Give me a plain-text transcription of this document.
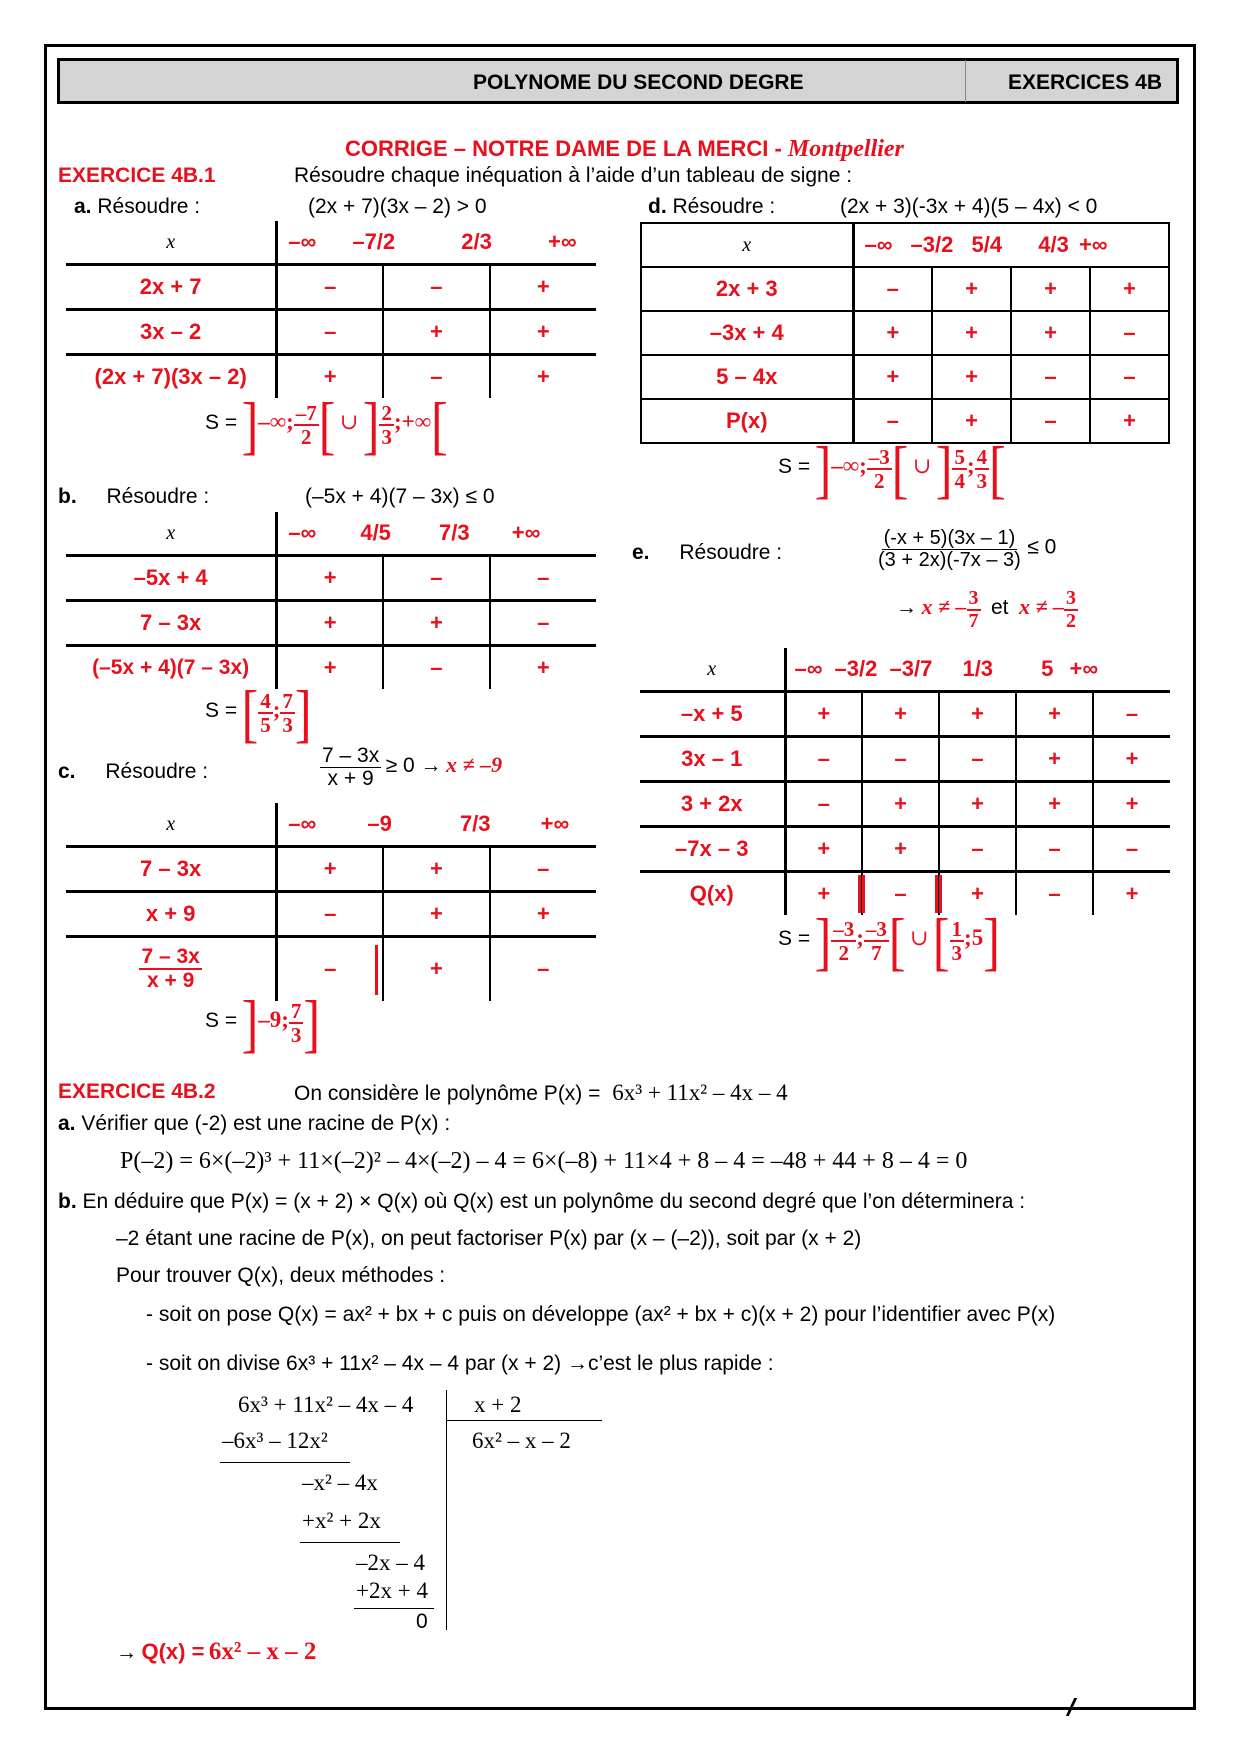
POLYNOME DU SECOND DEGRE	EXERCICES 4B
CORRIGE – NOTRE DAME DE LA MERCI - Montpellier
EXERCICE 4B.1	Résoudre chaque inéquation à l’aide d’un tableau de signe :
a. Résoudre :	(2x + 7)(3x – 2) > 0
x	–∞ –7/2 2/3 +∞		
2x + 7	–	–	+
3x – 2	–	+	+
(2x + 7)(3x – 2)	+	–	+
S = ]–∞; $\frac{-7}{2}$ [ ∪ ] $\frac{2}{3}$ ;+∞[
b. Résoudre :	(–5x + 4)(7 – 3x) ≤ 0
x	–∞ 4/5 7/3 +∞		
–5x + 4	+	–	–
7 – 3x	+	+	–
(–5x + 4)(7 – 3x)	+	–	+
S = [ $\frac{4}{5}$ ; $\frac{7}{3}$ ]
c. Résoudre :	$\frac{7 - 3x}{x + 9} \ge 0 \to x \ne -9$
x	–∞ –9 7/3 +∞		
7 – 3x	+	+	–
x + 9	–	+	+

$\frac{7 - 3x}{x + 9}$	–	+	–
S = ]–9; $\frac{7}{3}$ ]
d. Résoudre :	(2x + 3)(-3x + 4)(5 – 4x) < 0
x	–∞ –3/2 5/4 4/3 +∞			
2x + 3	–	+	+	+
–3x + 4	+	+	+	–
5 – 4x	+	+	–	–
P(x)	–	+	–	+
S = ]–∞; $\frac{-3}{2}$ [ ∪ ] $\frac{5}{4}$ ; $\frac{4}{3}$ [
e. Résoudre :	$\frac{(-x + 5)(3x - 1)}{(3 + 2x)(-7x - 3)} \le 0$
→ x ≠ – $\frac{3}{7}$ et x ≠ – $\frac{3}{2}$
x	–∞ –3/2 –3/7 1/3 5 +∞				
–x + 5	+	+	+	+	–
3x – 1	–	–	–	+	+
3 + 2x	–	+	+	+	+
–7x – 3	+	+	–	–	–
Q(x)	+	–	+	–	+
S = ] $\frac{-3}{2}$ ; $\frac{-3}{7}$ [ ∪ [ $\frac{1}{3}$ ;5]
EXERCICE 4B.2	On considère le polynôme P(x) = 6x³ + 11x² – 4x – 4
a. Vérifier que (-2) est une racine de P(x) :
P(–2) = 6×(–2)³ + 11×(–2)² – 4×(–2) – 4 = 6×(–8) + 11×4 + 8 – 4 = –48 + 44 + 8 – 4 = 0
b. En déduire que P(x) = (x + 2) × Q(x) où Q(x) est un polynôme du second degré que l’on déterminera :
–2 étant une racine de P(x), on peut factoriser P(x) par (x – (–2)), soit par (x + 2)
Pour trouver Q(x), deux méthodes :
- soit on pose Q(x) = ax² + bx + c puis on développe (ax² + bx + c)(x + 2) pour l’identifier avec P(x)
- soit on divise 6x³ + 11x² – 4x – 4 par (x + 2) →c’est le plus rapide :
6x³ + 11x² – 4x – 4	x + 2
6x² – x – 2
–6x³ – 12x²
–x² – 4x
+x² + 2x
–2x – 4
+2x + 4
0
→ Q(x) = 6x² – x – 2
